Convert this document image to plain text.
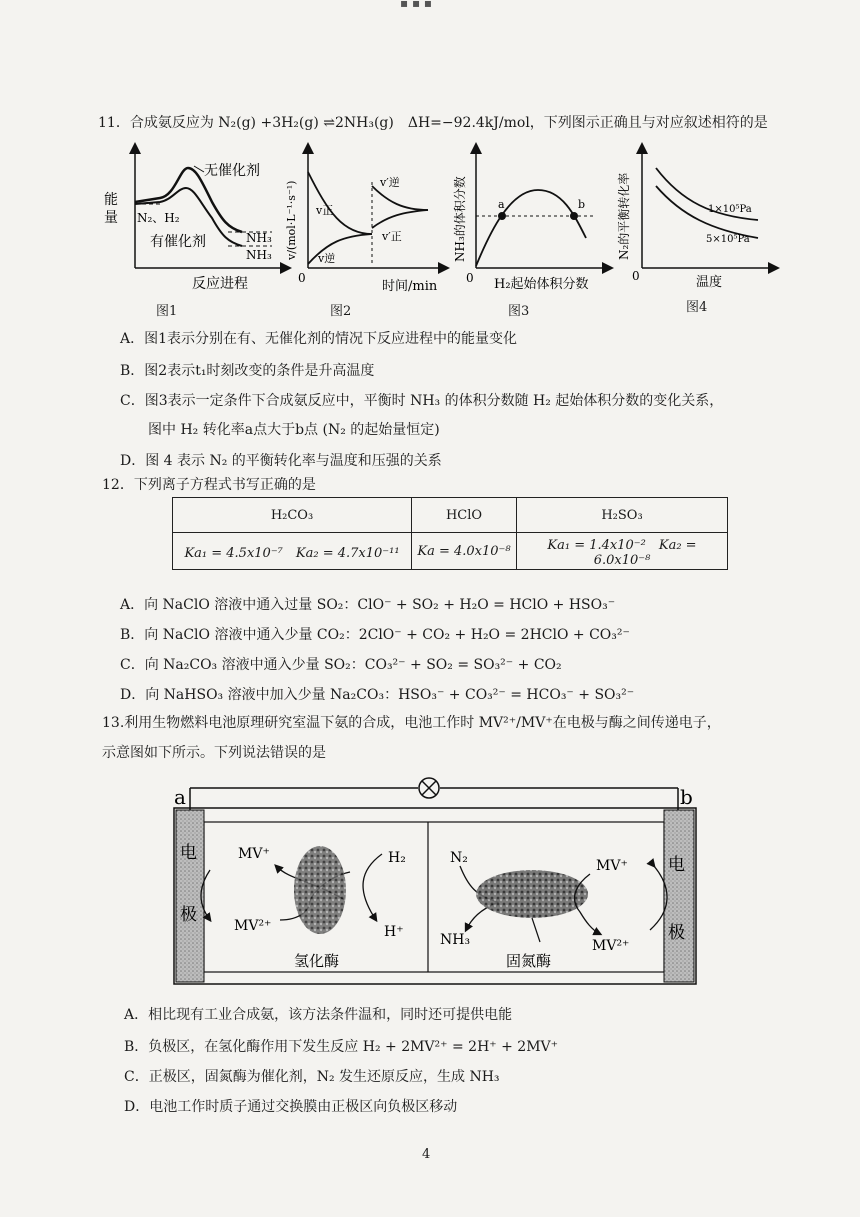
▪ ▪ ▪
11．合成氨反应为 N₂(g) +3H₂(g) ⇌2NH₃(g)　ΔH=−92.4kJ/mol，下列图示正确且与对应叙述相符的是
无催化剂
N₂、H₂
有催化剂	NH₃
NH₃
能
量
反应进程
图1
v/(mol·L⁻¹·s⁻¹) v正
v逆
v′逆
v′正
0
时间/min
图2
a	b
NH₃的体积分数
0 H₂起始体积分数
图3
1×10⁵Pa
5×10⁵Pa
N₂的平衡转化率
0	温度
图4
A．图1表示分别在有、无催化剂的情况下反应进程中的能量变化
B．图2表示t₁时刻改变的条件是升高温度
C．图3表示一定条件下合成氨反应中，平衡时 NH₃ 的体积分数随 H₂ 起始体积分数的变化关系，
　　图中 H₂ 转化率a点大于b点 (N₂ 的起始量恒定)
D．图 4 表示 N₂ 的平衡转化率与温度和压强的关系
12．下列离子方程式书写正确的是
H₂CO₃	HClO	H₂SO₃
Ka₁ = 4.5x10⁻⁷　Ka₂ = 4.7x10⁻¹¹	Ka = 4.0x10⁻⁸	Ka₁ = 1.4x10⁻²　Ka₂ = 6.0x10⁻⁸
A．向 NaClO 溶液中通入过量 SO₂：ClO⁻ + SO₂ + H₂O = HClO + HSO₃⁻
B．向 NaClO 溶液中通入少量 CO₂：2ClO⁻ + CO₂ + H₂O = 2HClO + CO₃²⁻
C．向 Na₂CO₃ 溶液中通入少量 SO₂：CO₃²⁻ + SO₂ = SO₃²⁻ + CO₂
D．向 NaHSO₃ 溶液中加入少量 Na₂CO₃：HSO₃⁻ + CO₃²⁻ = HCO₃⁻ + SO₃²⁻
13.利用生物燃料电池原理研究室温下氨的合成，电池工作时 MV²⁺/MV⁺在电极与酶之间传递电子，
示意图如下所示。下列说法错误的是
a	b
电
极
电
极
MV⁺
MV²⁺
H₂
H⁺
氢化酶
N₂
NH₃
固氮酶
MV⁺
MV²⁺
A．相比现有工业合成氨，该方法条件温和，同时还可提供电能
B．负极区，在氢化酶作用下发生反应 H₂ + 2MV²⁺ = 2H⁺ + 2MV⁺
C．正极区，固氮酶为催化剂，N₂ 发生还原反应，生成 NH₃
D．电池工作时质子通过交换膜由正极区向负极区移动
4
